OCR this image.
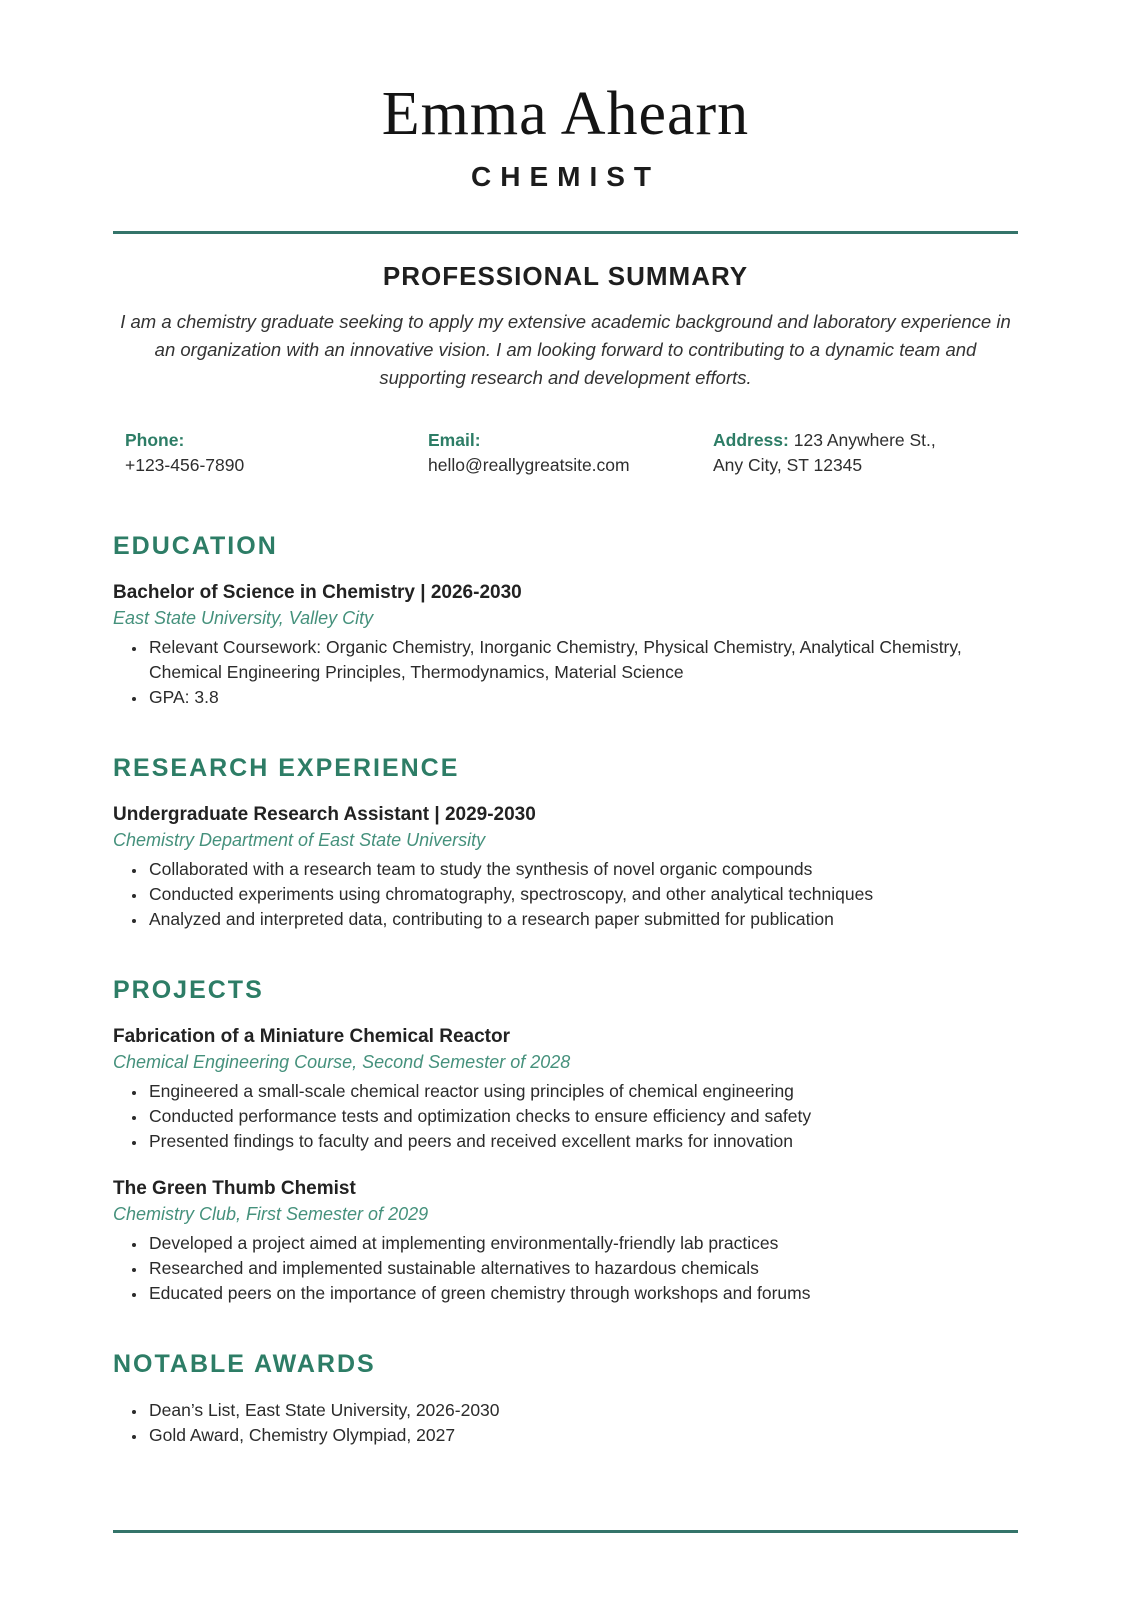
Emma Ahearn
CHEMIST
PROFESSIONAL SUMMARY

I am a chemistry graduate seeking to apply my extensive academic background and laboratory experience in an organization with an innovative vision. I am looking forward to contributing to a dynamic team and supporting research and development efforts.

Phone:
+123-456-7890
Email:
hello@reallygreatsite.com
Address: 123 Anywhere St.,
Any City, ST 12345
EDUCATION
Bachelor of Science in Chemistry | 2026-2030
East State University, Valley City
• Relevant Coursework: Organic Chemistry, Inorganic Chemistry, Physical Chemistry, Analytical Chemistry, Chemical Engineering Principles, Thermodynamics, Material Science
• GPA: 3.8
RESEARCH EXPERIENCE
Undergraduate Research Assistant | 2029-2030
Chemistry Department of East State University
• Collaborated with a research team to study the synthesis of novel organic compounds
• Conducted experiments using chromatography, spectroscopy, and other analytical techniques
• Analyzed and interpreted data, contributing to a research paper submitted for publication
PROJECTS
Fabrication of a Miniature Chemical Reactor
Chemical Engineering Course, Second Semester of 2028
• Engineered a small-scale chemical reactor using principles of chemical engineering
• Conducted performance tests and optimization checks to ensure efficiency and safety
• Presented findings to faculty and peers and received excellent marks for innovation
The Green Thumb Chemist
Chemistry Club, First Semester of 2029
• Developed a project aimed at implementing environmentally-friendly lab practices
• Researched and implemented sustainable alternatives to hazardous chemicals
• Educated peers on the importance of green chemistry through workshops and forums
NOTABLE AWARDS
• Dean’s List, East State University, 2026-2030
• Gold Award, Chemistry Olympiad, 2027
